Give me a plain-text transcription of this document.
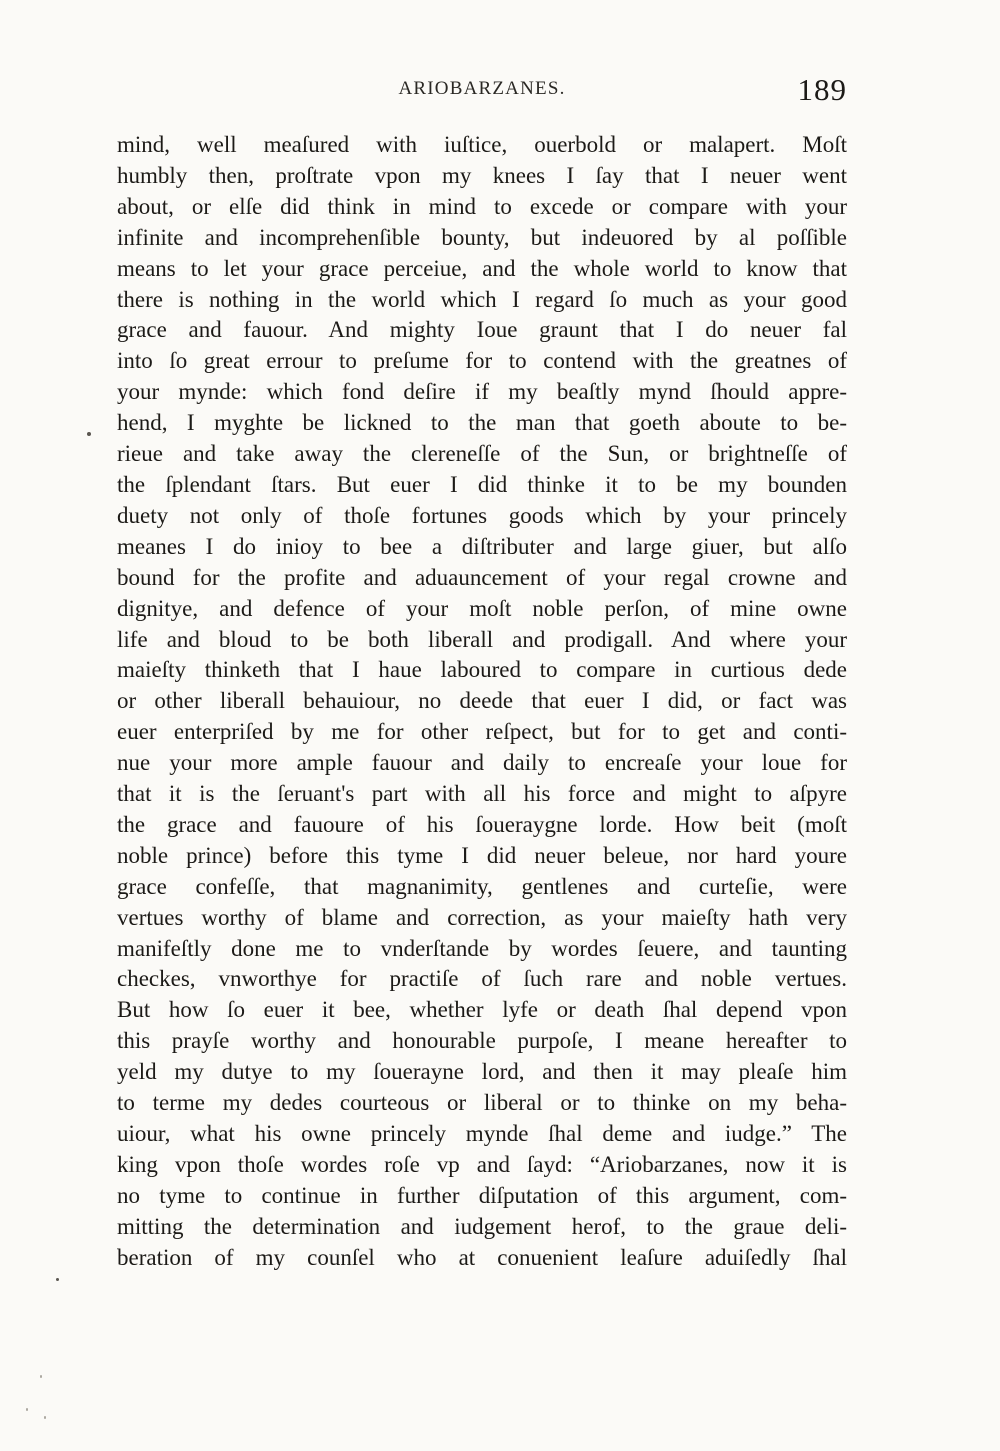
ARIOBARZANES.	189
mind, well meaſured with iuſtice, ouerbold or malapert. Moſt
humbly then, proſtrate vpon my knees I ſay that I neuer went
about, or elſe did think in mind to excede or compare with your
infinite and incomprehenſible bounty, but indeuored by al poſſible
means to let your grace perceiue, and the whole world to know that
there is nothing in the world which I regard ſo much as your good
grace and fauour. And mighty Ioue graunt that I do neuer fal
into ſo great errour to preſume for to contend with the greatnes of
your mynde: which fond deſire if my beaſtly mynd ſhould appre-
hend, I myghte be lickned to the man that goeth aboute to be-
rieue and take away the clereneſſe of the Sun, or brightneſſe of
the ſplendant ſtars. But euer I did thinke it to be my bounden
duety not only of thoſe fortunes goods which by your princely
meanes I do inioy to bee a diſtributer and large giuer, but alſo
bound for the profite and aduauncement of your regal crowne and
dignitye, and defence of your moſt noble perſon, of mine owne
life and bloud to be both liberall and prodigall. And where your
maieſty thinketh that I haue laboured to compare in curtious dede
or other liberall behauiour, no deede that euer I did, or fact was
euer enterpriſed by me for other reſpect, but for to get and conti-
nue your more ample fauour and daily to encreaſe your loue for
that it is the ſeruant's part with all his force and might to aſpyre
the grace and fauoure of his ſoueraygne lorde. How beit (moſt
noble prince) before this tyme I did neuer beleue, nor hard youre
grace confeſſe, that magnanimity, gentlenes and curteſie, were
vertues worthy of blame and correction, as your maieſty hath very
manifeſtly done me to vnderſtande by wordes ſeuere, and taunting
checkes, vnworthye for practiſe of ſuch rare and noble vertues.
But how ſo euer it bee, whether lyfe or death ſhal depend vpon
this prayſe worthy and honourable purpoſe, I meane hereafter to
yeld my dutye to my ſouerayne lord, and then it may pleaſe him
to terme my dedes courteous or liberal or to thinke on my beha-
uiour, what his owne princely mynde ſhal deme and iudge.” The
king vpon thoſe wordes roſe vp and ſayd: “Ariobarzanes, now it is
no tyme to continue in further diſputation of this argument, com-
mitting the determination and iudgement herof, to the graue deli-
beration of my counſel who at conuenient leaſure aduiſedly ſhal
